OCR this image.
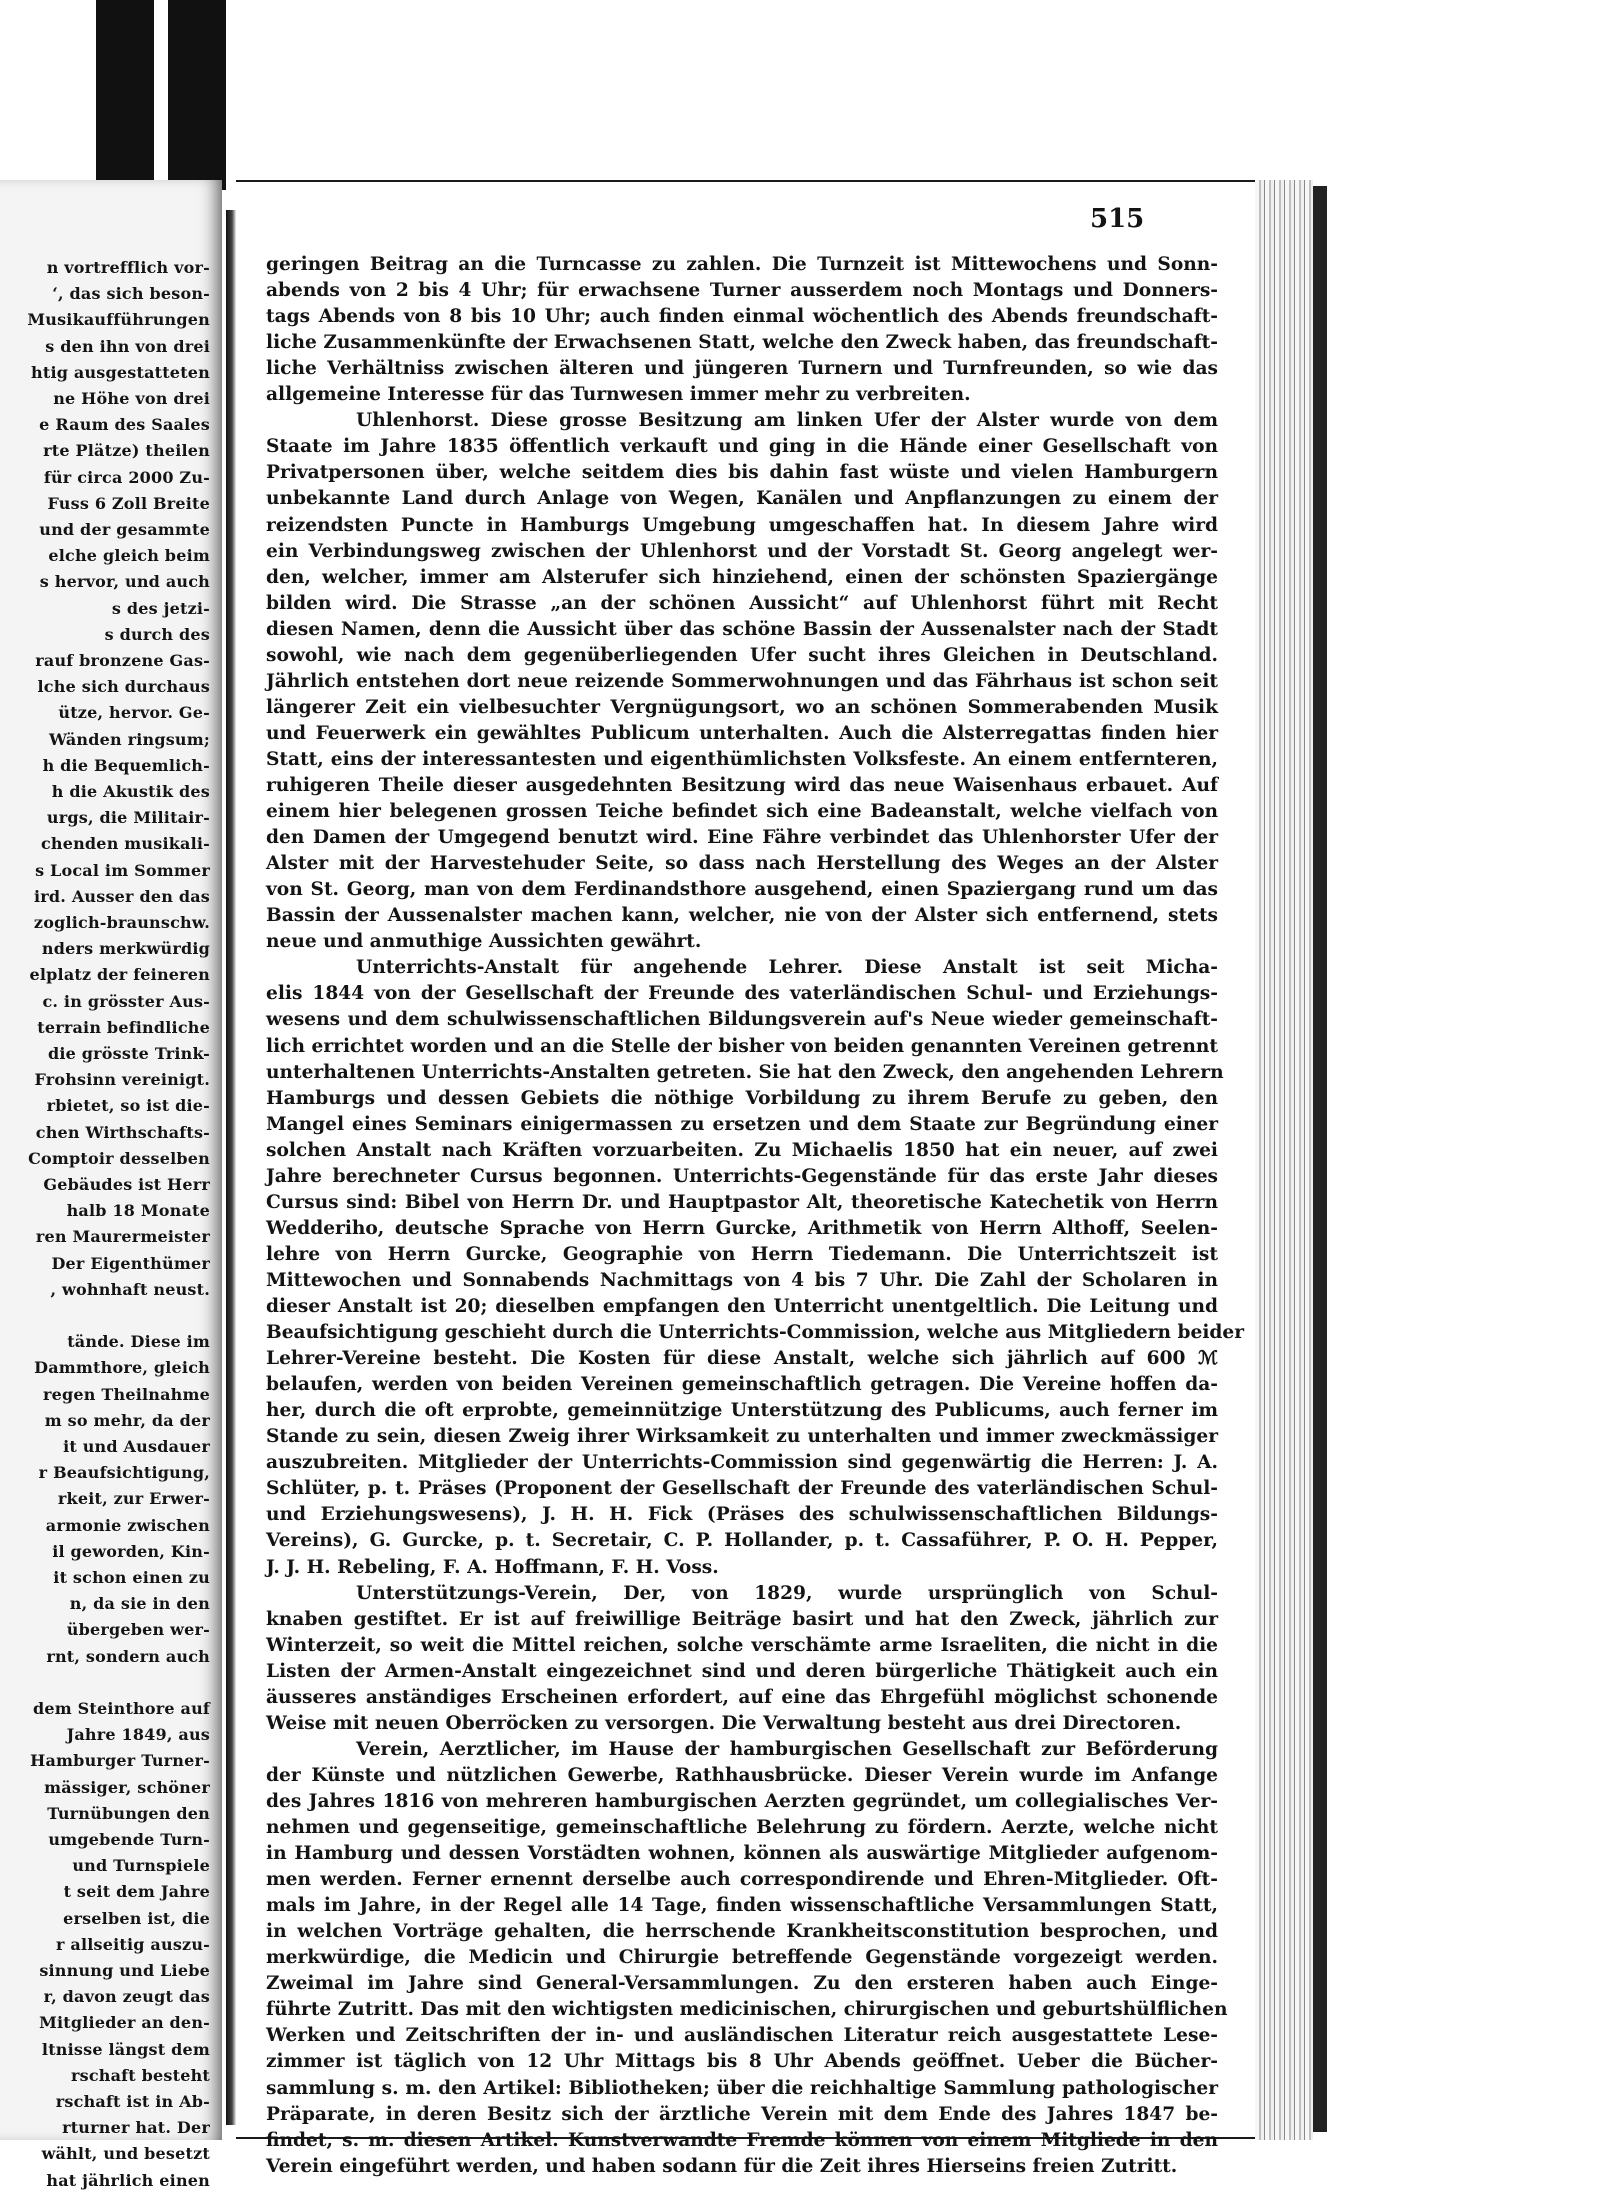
n vortrefflich vor-
‘, das sich beson-
Musikaufführungen
s den ihn von drei
htig ausgestatteten
ne Höhe von drei
e Raum des Saales
rte Plätze) theilen
für circa 2000 Zu-
Fuss 6 Zoll Breite
und der gesammte
elche gleich beim
s hervor, und auch
s des jetzi-
s durch des
rauf bronzene Gas-
lche sich durchaus
ütze, hervor. Ge-
Wänden ringsum;
h die Bequemlich-
h die Akustik des
urgs, die Militair-
chenden musikali-
s Local im Sommer
ird. Ausser den das
zoglich-braunschw.
nders merkwürdig
elplatz der feineren
c. in grösster Aus-
terrain befindliche
die grösste Trink-
Frohsinn vereinigt.
rbietet, so ist die-
chen Wirthschafts-
Comptoir desselben
Gebäudes ist Herr
halb 18 Monate
ren Maurermeister
Der Eigenthümer
, wohnhaft neust.
tände. Diese im
Dammthore, gleich
regen Theilnahme
m so mehr, da der
it und Ausdauer
r Beaufsichtigung,
rkeit, zur Erwer-
armonie zwischen
il geworden, Kin-
it schon einen zu
n, da sie in den
übergeben wer-
rnt, sondern auch
dem Steinthore auf
Jahre 1849, aus
Hamburger Turner-
mässiger, schöner
Turnübungen den
umgebende Turn-
und Turnspiele
t seit dem Jahre
erselben ist, die
r allseitig auszu-
sinnung und Liebe
r, davon zeugt das
Mitglieder an den-
ltnisse längst dem
rschaft besteht
rschaft ist in Ab-
rturner hat. Der
wählt, und besetzt
hat jährlich einen
515
geringen Beitrag an die Turncasse zu zahlen. Die Turnzeit ist Mittewochens und Sonn-
abends von 2 bis 4 Uhr; für erwachsene Turner ausserdem noch Montags und Donners-
tags Abends von 8 bis 10 Uhr; auch finden einmal wöchentlich des Abends freundschaft-
liche Zusammenkünfte der Erwachsenen Statt, welche den Zweck haben, das freundschaft-
liche Verhältniss zwischen älteren und jüngeren Turnern und Turnfreunden, so wie das
allgemeine Interesse für das Turnwesen immer mehr zu verbreiten.
Uhlenhorst. Diese grosse Besitzung am linken Ufer der Alster wurde von dem
Staate im Jahre 1835 öffentlich verkauft und ging in die Hände einer Gesellschaft von
Privatpersonen über, welche seitdem dies bis dahin fast wüste und vielen Hamburgern
unbekannte Land durch Anlage von Wegen, Kanälen und Anpflanzungen zu einem der
reizendsten Puncte in Hamburgs Umgebung umgeschaffen hat. In diesem Jahre wird
ein Verbindungsweg zwischen der Uhlenhorst und der Vorstadt St. Georg angelegt wer-
den, welcher, immer am Alsterufer sich hinziehend, einen der schönsten Spaziergänge
bilden wird. Die Strasse „an der schönen Aussicht“ auf Uhlenhorst führt mit Recht
diesen Namen, denn die Aussicht über das schöne Bassin der Aussenalster nach der Stadt
sowohl, wie nach dem gegenüberliegenden Ufer sucht ihres Gleichen in Deutschland.
Jährlich entstehen dort neue reizende Sommerwohnungen und das Fährhaus ist schon seit
längerer Zeit ein vielbesuchter Vergnügungsort, wo an schönen Sommerabenden Musik
und Feuerwerk ein gewähltes Publicum unterhalten. Auch die Alsterregattas finden hier
Statt, eins der interessantesten und eigenthümlichsten Volksfeste. An einem entfernteren,
ruhigeren Theile dieser ausgedehnten Besitzung wird das neue Waisenhaus erbauet. Auf
einem hier belegenen grossen Teiche befindet sich eine Badeanstalt, welche vielfach von
den Damen der Umgegend benutzt wird. Eine Fähre verbindet das Uhlenhorster Ufer der
Alster mit der Harvestehuder Seite, so dass nach Herstellung des Weges an der Alster
von St. Georg, man von dem Ferdinandsthore ausgehend, einen Spaziergang rund um das
Bassin der Aussenalster machen kann, welcher, nie von der Alster sich entfernend, stets
neue und anmuthige Aussichten gewährt.
Unterrichts-Anstalt für angehende Lehrer. Diese Anstalt ist seit Micha-
elis 1844 von der Gesellschaft der Freunde des vaterländischen Schul- und Erziehungs-
wesens und dem schulwissenschaftlichen Bildungsverein auf's Neue wieder gemeinschaft-
lich errichtet worden und an die Stelle der bisher von beiden genannten Vereinen getrennt
unterhaltenen Unterrichts-Anstalten getreten. Sie hat den Zweck, den angehenden Lehrern
Hamburgs und dessen Gebiets die nöthige Vorbildung zu ihrem Berufe zu geben, den
Mangel eines Seminars einigermassen zu ersetzen und dem Staate zur Begründung einer
solchen Anstalt nach Kräften vorzuarbeiten. Zu Michaelis 1850 hat ein neuer, auf zwei
Jahre berechneter Cursus begonnen. Unterrichts-Gegenstände für das erste Jahr dieses
Cursus sind: Bibel von Herrn Dr. und Hauptpastor Alt, theoretische Katechetik von Herrn
Wedderiho, deutsche Sprache von Herrn Gurcke, Arithmetik von Herrn Althoff, Seelen-
lehre von Herrn Gurcke, Geographie von Herrn Tiedemann. Die Unterrichtszeit ist
Mittewochen und Sonnabends Nachmittags von 4 bis 7 Uhr. Die Zahl der Scholaren in
dieser Anstalt ist 20; dieselben empfangen den Unterricht unentgeltlich. Die Leitung und
Beaufsichtigung geschieht durch die Unterrichts-Commission, welche aus Mitgliedern beider
Lehrer-Vereine besteht. Die Kosten für diese Anstalt, welche sich jährlich auf 600 ℳ
belaufen, werden von beiden Vereinen gemeinschaftlich getragen. Die Vereine hoffen da-
her, durch die oft erprobte, gemeinnützige Unterstützung des Publicums, auch ferner im
Stande zu sein, diesen Zweig ihrer Wirksamkeit zu unterhalten und immer zweckmässiger
auszubreiten. Mitglieder der Unterrichts-Commission sind gegenwärtig die Herren: J. A.
Schlüter, p. t. Präses (Proponent der Gesellschaft der Freunde des vaterländischen Schul-
und Erziehungswesens), J. H. H. Fick (Präses des schulwissenschaftlichen Bildungs-
Vereins), G. Gurcke, p. t. Secretair, C. P. Hollander, p. t. Cassaführer, P. O. H. Pepper,
J. J. H. Rebeling, F. A. Hoffmann, F. H. Voss.
Unterstützungs-Verein, Der, von 1829, wurde ursprünglich von Schul-
knaben gestiftet. Er ist auf freiwillige Beiträge basirt und hat den Zweck, jährlich zur
Winterzeit, so weit die Mittel reichen, solche verschämte arme Israeliten, die nicht in die
Listen der Armen-Anstalt eingezeichnet sind und deren bürgerliche Thätigkeit auch ein
äusseres anständiges Erscheinen erfordert, auf eine das Ehrgefühl möglichst schonende
Weise mit neuen Oberröcken zu versorgen. Die Verwaltung besteht aus drei Directoren.
Verein, Aerztlicher, im Hause der hamburgischen Gesellschaft zur Beförderung
der Künste und nützlichen Gewerbe, Rathhausbrücke. Dieser Verein wurde im Anfange
des Jahres 1816 von mehreren hamburgischen Aerzten gegründet, um collegialisches Ver-
nehmen und gegenseitige, gemeinschaftliche Belehrung zu fördern. Aerzte, welche nicht
in Hamburg und dessen Vorstädten wohnen, können als auswärtige Mitglieder aufgenom-
men werden. Ferner ernennt derselbe auch correspondirende und Ehren-Mitglieder. Oft-
mals im Jahre, in der Regel alle 14 Tage, finden wissenschaftliche Versammlungen Statt,
in welchen Vorträge gehalten, die herrschende Krankheitsconstitution besprochen, und
merkwürdige, die Medicin und Chirurgie betreffende Gegenstände vorgezeigt werden.
Zweimal im Jahre sind General-Versammlungen. Zu den ersteren haben auch Einge-
führte Zutritt. Das mit den wichtigsten medicinischen, chirurgischen und geburtshülflichen
Werken und Zeitschriften der in- und ausländischen Literatur reich ausgestattete Lese-
zimmer ist täglich von 12 Uhr Mittags bis 8 Uhr Abends geöffnet. Ueber die Bücher-
sammlung s. m. den Artikel: Bibliotheken; über die reichhaltige Sammlung pathologischer
Präparate, in deren Besitz sich der ärztliche Verein mit dem Ende des Jahres 1847 be-
findet, s. m. diesen Artikel. Kunstverwandte Fremde können von einem Mitgliede in den
Verein eingeführt werden, und haben sodann für die Zeit ihres Hierseins freien Zutritt.
